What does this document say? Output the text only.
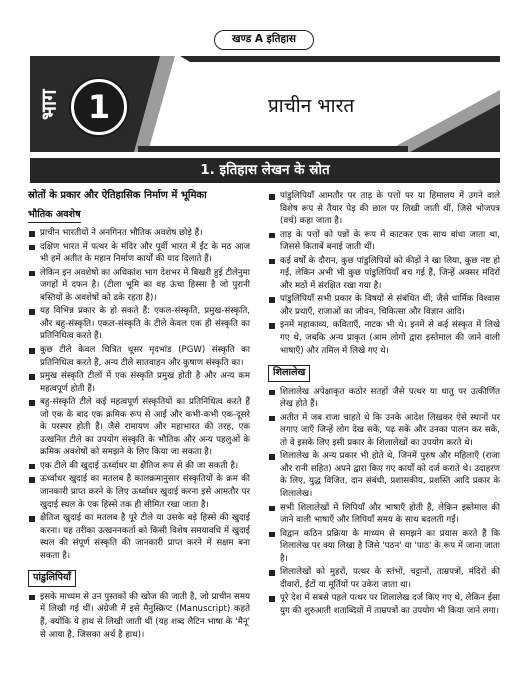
खण्ड A इतिहास
भाग 1	प्राचीन भारत
1. इतिहास लेखन के स्रोत
स्रोतों के प्रकार और ऐतिहासिक निर्माण में भूमिका
भौतिक अवशेष
प्राचीन भारतीयों ने अनगिनत भौतिक अवशेष छोड़े हैं।
दक्षिण भारत में पत्थर के मंदिर और पूर्वी भारत में ईंट के मठ आज भी हमें अतीत के महान निर्माण कार्यों की याद दिलाते हैं।
लेकिन इन अवशेषों का अधिकांश भाग देशभर में बिखरी हुई टीलेनुमा जगहों में दफन है। (टीला भूमि का वह ऊंचा हिस्सा है जो पुरानी बस्तियों के अवशेषों को ढके रहता है)।
यह विभिन्न प्रकार के हो सकते हैं: एकल-संस्कृति, प्रमुख-संस्कृति, और बहु-संस्कृति। एकल-संस्कृति के टीले केवल एक ही संस्कृति का प्रतिनिधित्व करते हैं।
कुछ टीले केवल चित्रित धूसर मृदभांड (PGW) संस्कृति का प्रतिनिधित्व करते हैं, अन्य टीले सातवाहन और कुषाण संस्कृति का।
प्रमुख संस्कृति टीलों में एक संस्कृति प्रमुख होती है और अन्य कम महत्वपूर्ण होती हैं।
बहु-संस्कृति टीले कई महत्वपूर्ण संस्कृतियों का प्रतिनिधित्व करते हैं जो एक के बाद एक क्रमिक रूप से आईं और कभी-कभी एक-दूसरे के परस्पर होती हैं। जैसे रामायण और महाभारत की तरह, एक उत्खनित टीले का उपयोग संस्कृति के भौतिक और अन्य पहलुओं के क्रमिक अवशेषों को समझने के लिए किया जा सकता है।
एक टीले की खुदाई ऊर्ध्वाधर या क्षैतिज रूप से की जा सकती है।
ऊर्ध्वाधर खुदाई का मतलब है कालक्रमानुसार संस्कृतियों के क्रम की जानकारी प्राप्त करने के लिए ऊर्ध्वाधर खुदाई करना इसे आमतौर पर खुदाई स्थल के एक हिस्से तक ही सीमित रखा जाता है।
क्षैतिज खुदाई का मतलब है पूरे टीले या उसके बड़े हिस्से की खुदाई करना। यह तरीका उत्खननकर्ता को किसी विशेष समयावधि में खुदाई स्थल की संपूर्ण संस्कृति की जानकारी प्राप्त करने में सक्षम बना सकता है।
पांडुलिपियाँ
इसके माध्यम से उन पुस्तकों की खोज की जाती है, जो प्राचीन समय में लिखी गई थीं। अंग्रेजी में इसे मैनुस्क्रिप्ट (Manuscript) कहते हैं, क्योंकि ये हाथ से लिखी जाती थीं (यह शब्द लैटिन भाषा के 'मैनू' से आया है, जिसका अर्थ है हाथ)।
पांडुलिपियाँ आमतौर पर ताड़ के पत्तों पर या हिमालय में उगने वाले विशेष रूप से तैयार पेड़ की छाल पर लिखी जाती थीं, जिसे भोजपत्र (वर्च) कहा जाता है।
ताड़ के पत्तों को पन्नों के रूप में काटकर एक साथ बांधा जाता था, जिससे किताबें बनाई जाती थीं।
कई वर्षों के दौरान, कुछ पांडुलिपियों को कीड़ों ने खा लिया, कुछ नष्ट हो गईं, लेकिन अभी भी कुछ पांडुलिपियाँ बच गई हैं, जिन्हें अक्सर मंदिरों और मठों में संरक्षित रखा गया है।
पांडुलिपियाँ सभी प्रकार के विषयों से संबंधित थीं; जैसे धार्मिक विश्वास और प्रथाएँ, राजाओं का जीवन, चिकित्सा और विज्ञान आदि।
इनमें महाकाव्य, कविताएँ, नाटक भी थे। इनमें से कई संस्कृत में लिखे गए थे, जबकि अन्य प्राकृत (आम लोगों द्वारा इस्तेमाल की जाने वाली भाषाएँ) और तमिल में लिखे गए थे।
शिलालेख
शिलालेख अपेक्षाकृत कठोर सतहों जैसे पत्थर या धातु पर उत्कीर्णित लेख होते हैं।
अतीत में जब राजा चाहते थे कि उनके आदेश लिखकर ऐसे स्थानों पर लगाए जाएँ जिन्हें लोग देख सकें, पढ़ सकें और उनका पालन कर सकें, तो वे इसके लिए इसी प्रकार के शिलालेखों का उपयोग करते थे।
शिलालेख के अन्य प्रकार भी होते थे, जिनमें पुरुष और महिलाएँ (राजा और रानी सहित) अपने द्वारा किए गए कार्यों को दर्ज कराते थे। उदाहरण के लिए, युद्ध विजित, दान संबंधी, प्रशासकीय, प्रशस्ति आदि प्रकार के शिलालेख।
सभी शिलालेखों में लिपियाँ और भाषाएँ होती हैं, लेकिन इस्तेमाल की जाने वाली भाषाएँ और लिपियाँ समय के साथ बदलती गईं।
विद्वान कठिन प्रक्रिया के माध्यम से समझने का प्रयास करते हैं कि शिलालेख पर क्या लिखा है जिसे 'पठन' या 'पाठ' के रूप में जाना जाता है।
शिलालेखों को मुहरों, पत्थर के स्तंभों, चट्टानों, ताम्रपत्रों, मंदिरों की दीवारों, ईंटों या मूर्तियों पर उकेरा जाता था।
पूरे देश में सबसे पहले पत्थर पर शिलालेख दर्ज किए गए थे, लेकिन ईसा युग की शुरुआती शताब्दियों में ताम्रपत्रों का उपयोग भी किया जाने लगा।
